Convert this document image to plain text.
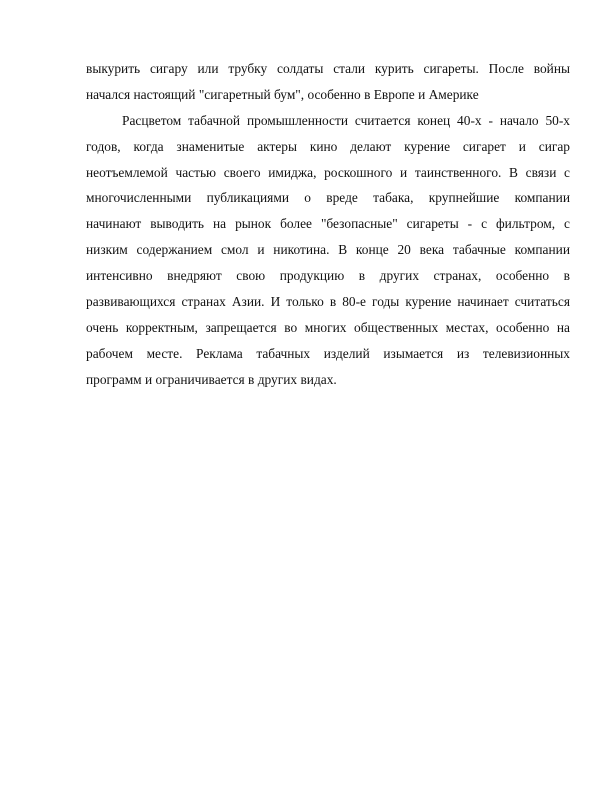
выкурить сигару или трубку солдаты стали курить сигареты. После войны
начался настоящий "сигаретный бум", особенно в Европе и Америке
Расцветом табачной промышленности считается конец 40-х - начало 50-х
годов, когда знаменитые актеры кино делают курение сигарет и сигар
неотъемлемой частью своего имиджа, роскошного и таинственного. В связи с
многочисленными публикациями о вреде табака, крупнейшие компании
начинают выводить на рынок более "безопасные" сигареты - с фильтром, с
низким содержанием смол и никотина. В конце 20 века табачные компании
интенсивно внедряют свою продукцию в других странах, особенно в
развивающихся странах Азии. И только в 80-е годы курение начинает считаться
очень корректным, запрещается во многих общественных местах, особенно на
рабочем месте. Реклама табачных изделий изымается из телевизионных
программ и ограничивается в других видах.
